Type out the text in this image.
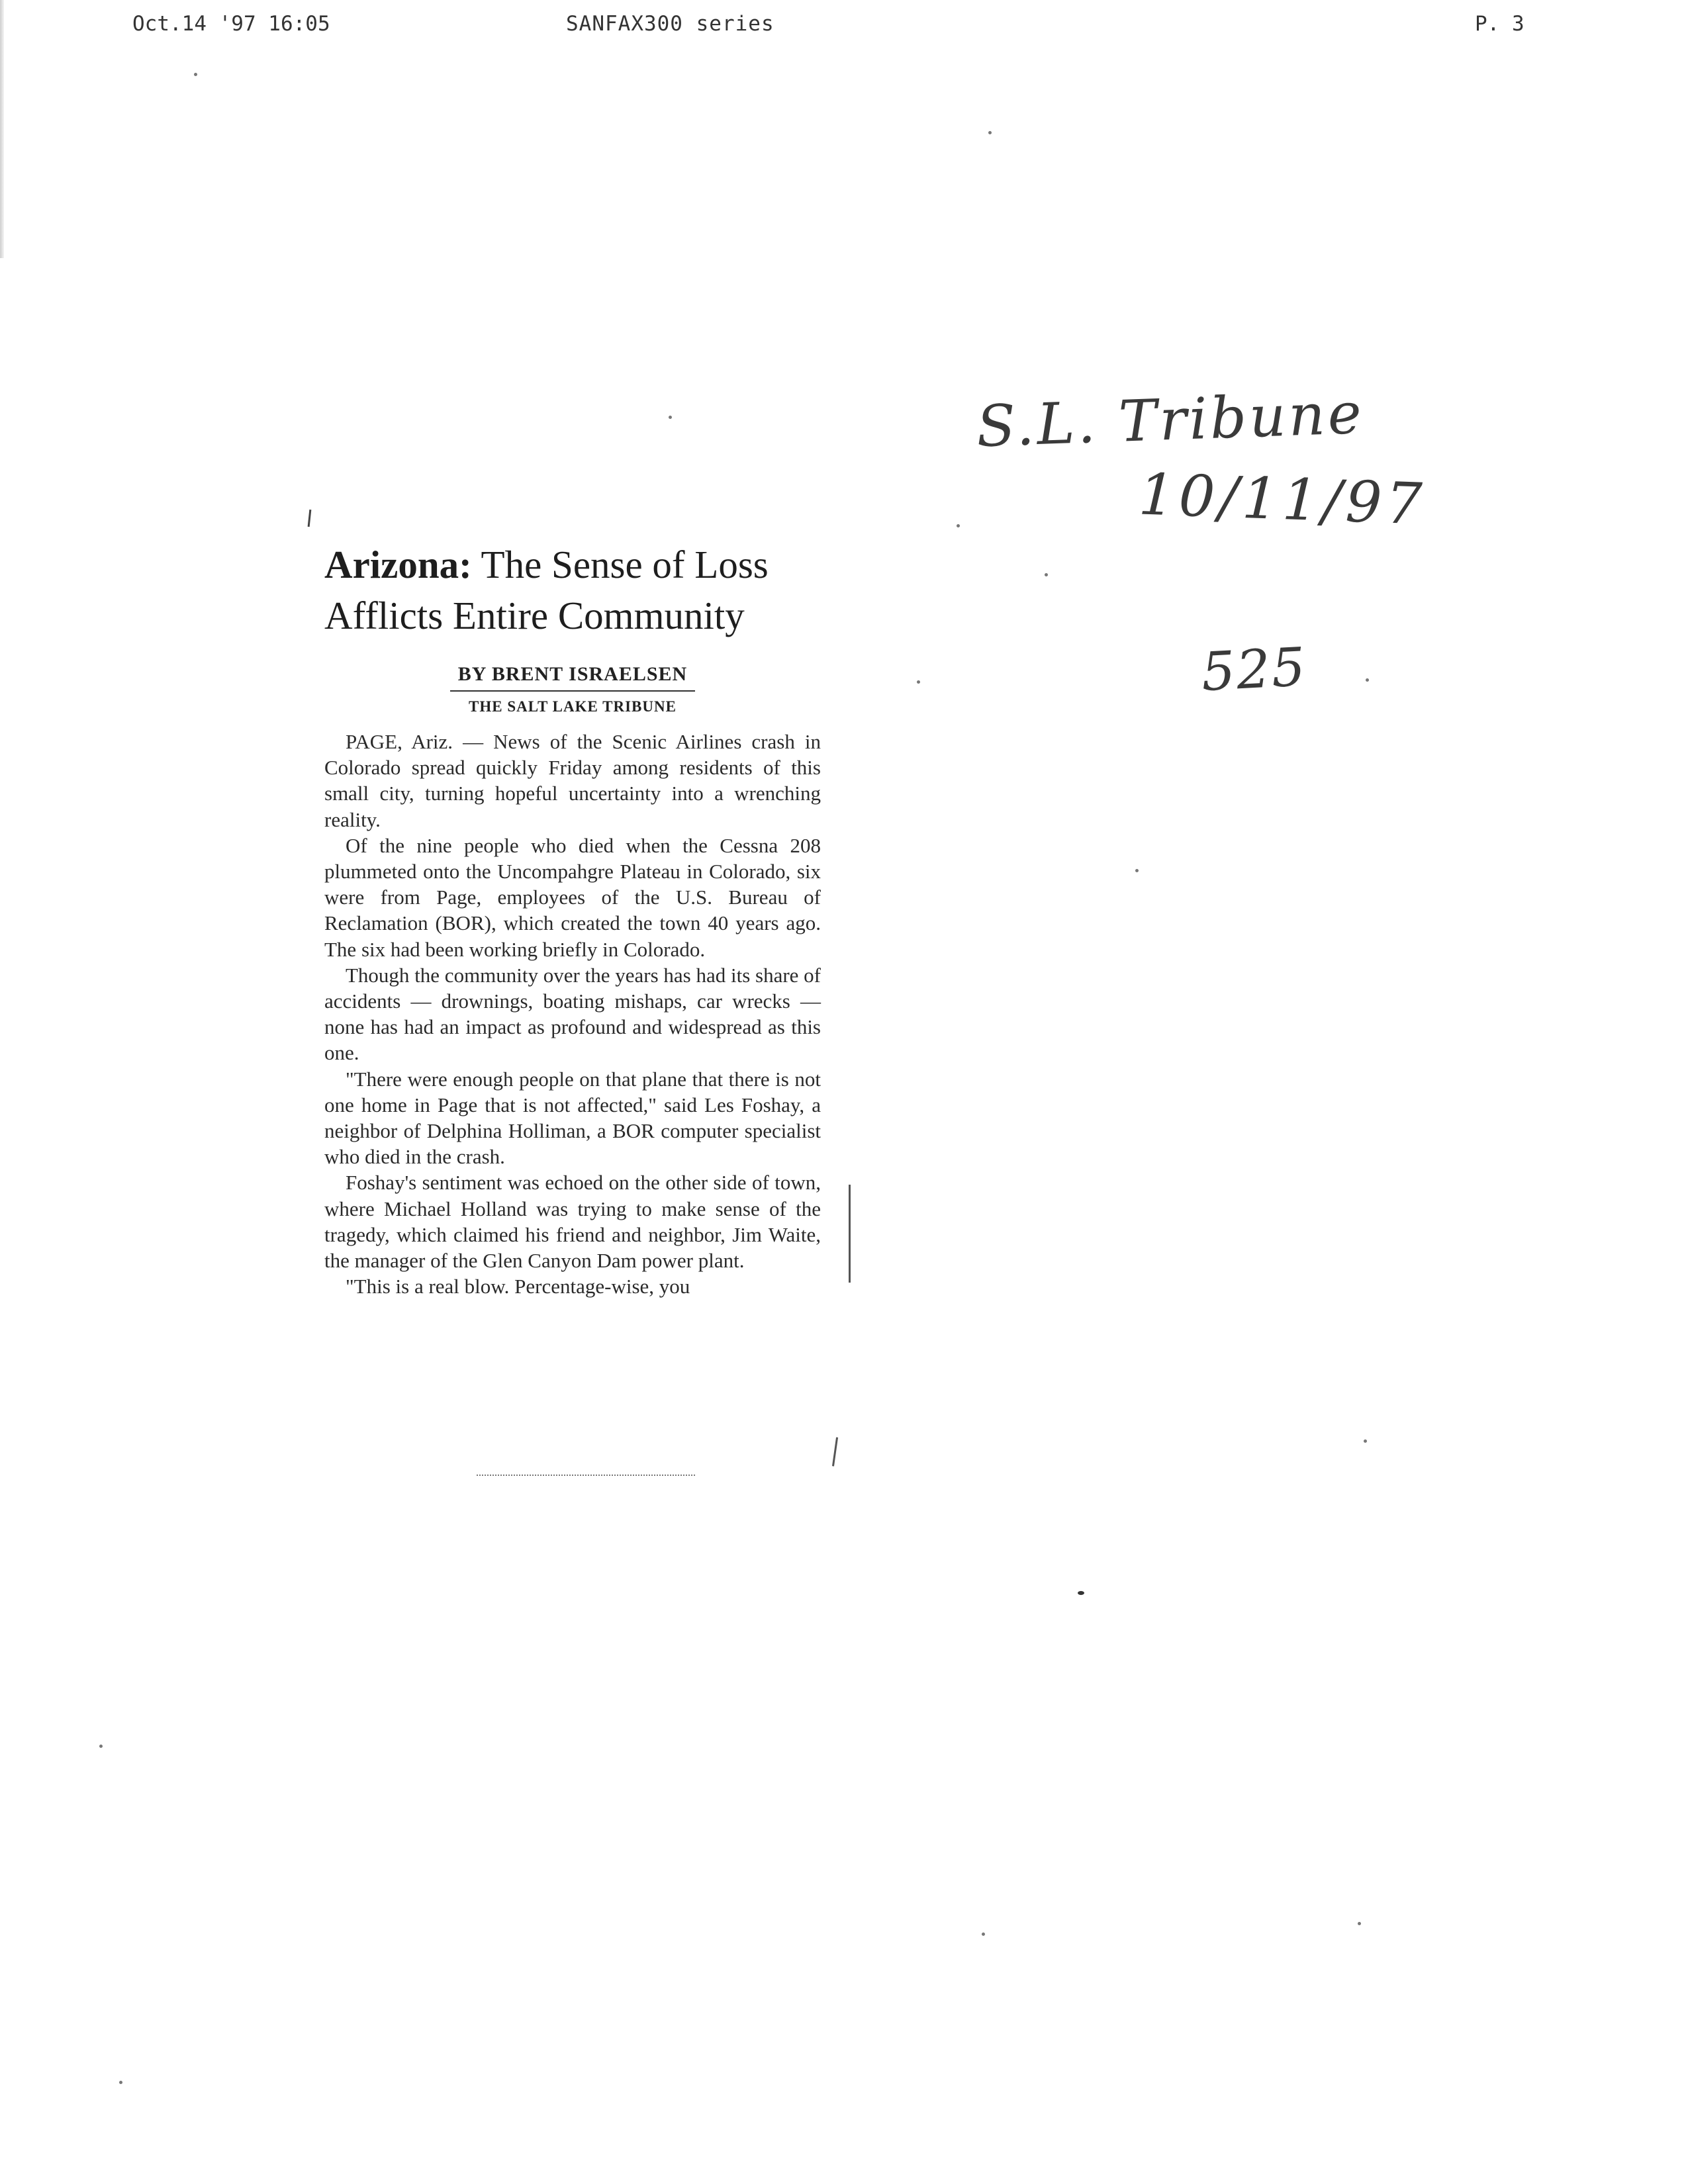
Oct.14 '97 16:05	SANFAX300 series	P. 3
S.L. Tribune
10/11/97
525
Arizona: The Sense of Loss
Afflicts Entire Community
BY BRENT ISRAELSEN
THE SALT LAKE TRIBUNE

PAGE, Ariz. — News of the Scenic Airlines crash in Colorado spread quickly Friday among residents of this small city, turning hopeful uncertainty into a wrenching reality.

Of the nine people who died when the Cessna 208 plummeted onto the Uncompahgre Plateau in Colorado, six were from Page, employees of the U.S. Bureau of Reclamation (BOR), which created the town 40 years ago. The six had been working briefly in Colorado.

Though the community over the years has had its share of accidents — drownings, boating mishaps, car wrecks — none has had an impact as profound and widespread as this one.

"There were enough people on that plane that there is not one home in Page that is not affected," said Les Foshay, a neighbor of Delphina Holliman, a BOR computer specialist who died in the crash.

Foshay's sentiment was echoed on the other side of town, where Michael Holland was trying to make sense of the tragedy, which claimed his friend and neighbor, Jim Waite, the manager of the Glen Canyon Dam power plant.

"This is a real blow. Percentage-wise, you
